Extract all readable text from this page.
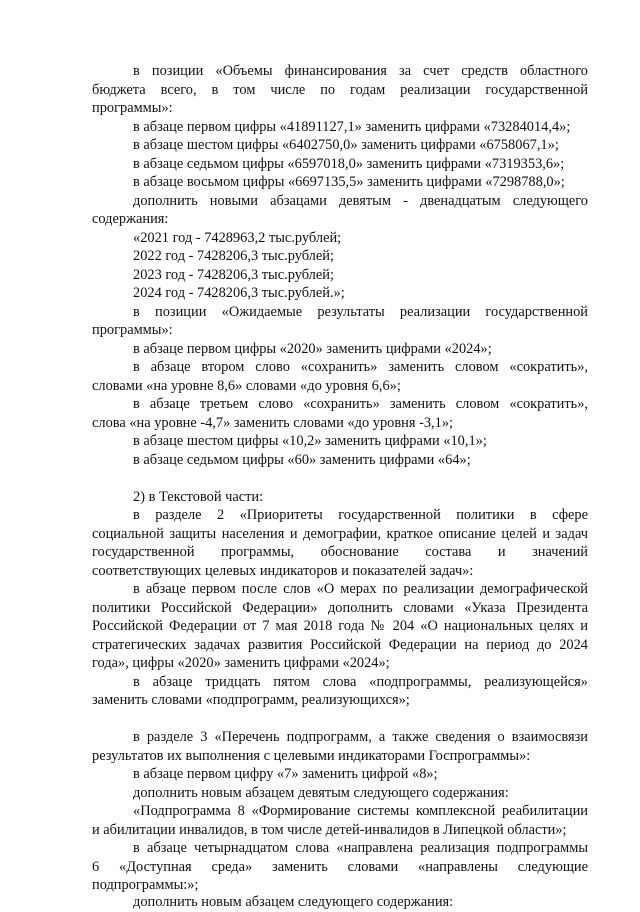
в позиции «Объемы финансирования за счет средств областного
бюджета всего, в том числе по годам реализации государственной
программы»:
в абзаце первом цифры «41891127,1» заменить цифрами «73284014,4»;
в абзаце шестом цифры «6402750,0» заменить цифрами «6758067,1»;
в абзаце седьмом цифры «6597018,0» заменить цифрами «7319353,6»;
в абзаце восьмом цифры «6697135,5» заменить цифрами «7298788,0»;
дополнить новыми абзацами девятым - двенадцатым следующего
содержания:
«2021 год - 7428963,2 тыс.рублей;
2022 год - 7428206,3 тыс.рублей;
2023 год - 7428206,3 тыс.рублей;
2024 год - 7428206,3 тыс.рублей.»;
в позиции «Ожидаемые результаты реализации государственной
программы»:
в абзаце первом цифры «2020» заменить цифрами «2024»;
в абзаце втором слово «сохранить» заменить словом «сократить»,
словами «на уровне 8,6» словами «до уровня 6,6»;
в абзаце третьем слово «сохранить» заменить словом «сократить»,
слова «на уровне -4,7» заменить словами «до уровня -3,1»;
в абзаце шестом цифры «10,2» заменить цифрами «10,1»;
в абзаце седьмом цифры «60» заменить цифрами «64»;
2) в Текстовой части:
в разделе 2 «Приоритеты государственной политики в сфере
социальной защиты населения и демографии, краткое описание целей и задач
государственной программы, обоснование состава и значений
соответствующих целевых индикаторов и показателей задач»:
в абзаце первом после слов «О мерах по реализации демографической
политики Российской Федерации» дополнить словами «Указа Президента
Российской Федерации от 7 мая 2018 года № 204 «О национальных целях и
стратегических задачах развития Российской Федерации на период до 2024
года», цифры «2020» заменить цифрами «2024»;
в абзаце тридцать пятом слова «подпрограммы, реализующейся»
заменить словами «подпрограмм, реализующихся»;
в разделе 3 «Перечень подпрограмм, а также сведения о взаимосвязи
результатов их выполнения с целевыми индикаторами Госпрограммы»:
в абзаце первом цифру «7» заменить цифрой «8»;
дополнить новым абзацем девятым следующего содержания:
«Подпрограмма 8 «Формирование системы комплексной реабилитации
и абилитации инвалидов, в том числе детей-инвалидов в Липецкой области»;
в абзаце четырнадцатом слова «направлена реализация подпрограммы
6 «Доступная среда» заменить словами «направлены следующие
подпрограммы:»;
дополнить новым абзацем следующего содержания:
